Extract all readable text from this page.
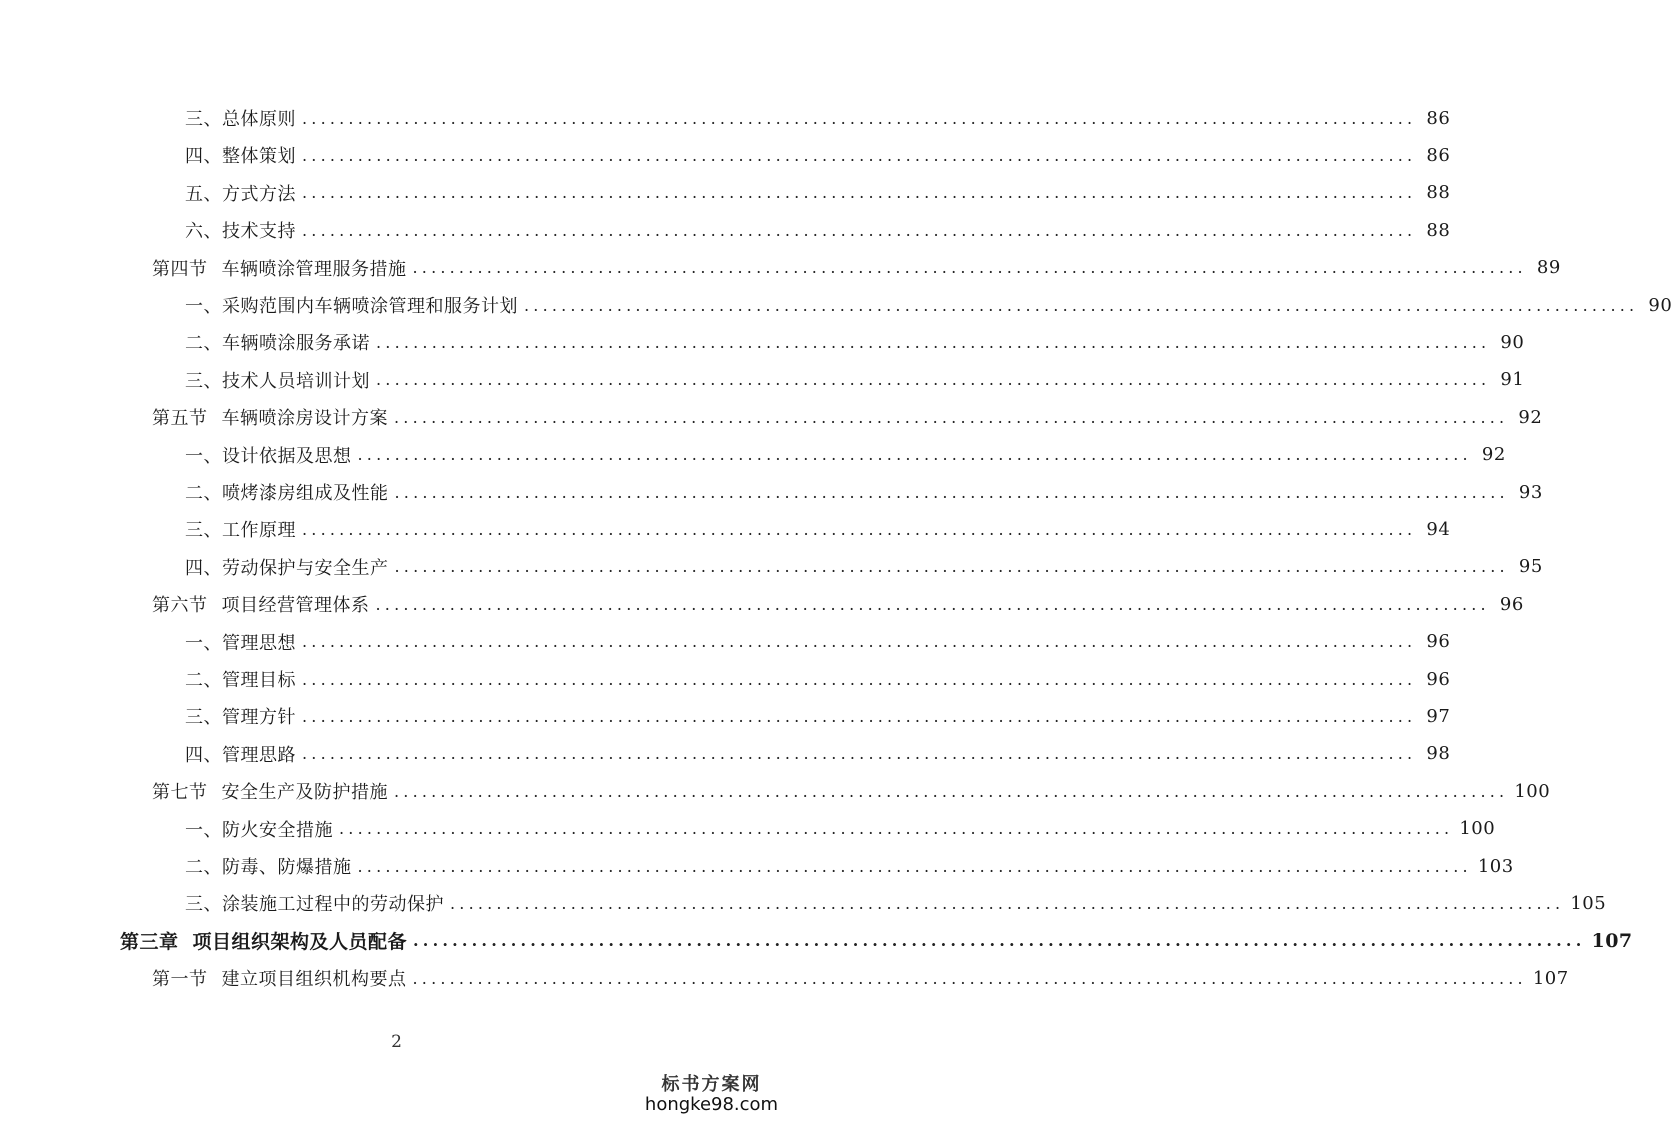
三、 总体原则 ........................................................................................................................ 86
四、 整体策划 ........................................................................................................................ 86
五、 方式方法 ........................................................................................................................ 88
六、 技术支持 ........................................................................................................................ 88
第四节 车辆喷涂管理服务措施 ........................................................................................................................ 89
一、 采购范围内车辆喷涂管理和服务计划 ........................................................................................................................ 90
二、 车辆喷涂服务承诺 ........................................................................................................................ 90
三、 技术人员培训计划 ........................................................................................................................ 91
第五节 车辆喷涂房设计方案 ........................................................................................................................ 92
一、 设计依据及思想 ........................................................................................................................ 92
二、 喷烤漆房组成及性能 ........................................................................................................................ 93
三、 工作原理 ........................................................................................................................ 94
四、 劳动保护与安全生产 ........................................................................................................................ 95
第六节 项目经营管理体系 ........................................................................................................................ 96
一、 管理思想 ........................................................................................................................ 96
二、 管理目标 ........................................................................................................................ 96
三、 管理方针 ........................................................................................................................ 97
四、 管理思路 ........................................................................................................................ 98
第七节 安全生产及防护措施 ........................................................................................................................ 100
一、 防火安全措施 ........................................................................................................................ 100
二、 防毒、防爆措施 ........................................................................................................................ 103
三、 涂装施工过程中的劳动保护 ........................................................................................................................ 105
第三章 项目组织架构及人员配备 ........................................................................................................................ 107
第一节 建立项目组织机构要点 ........................................................................................................................ 107
2
标书方案网
hongke98.com
